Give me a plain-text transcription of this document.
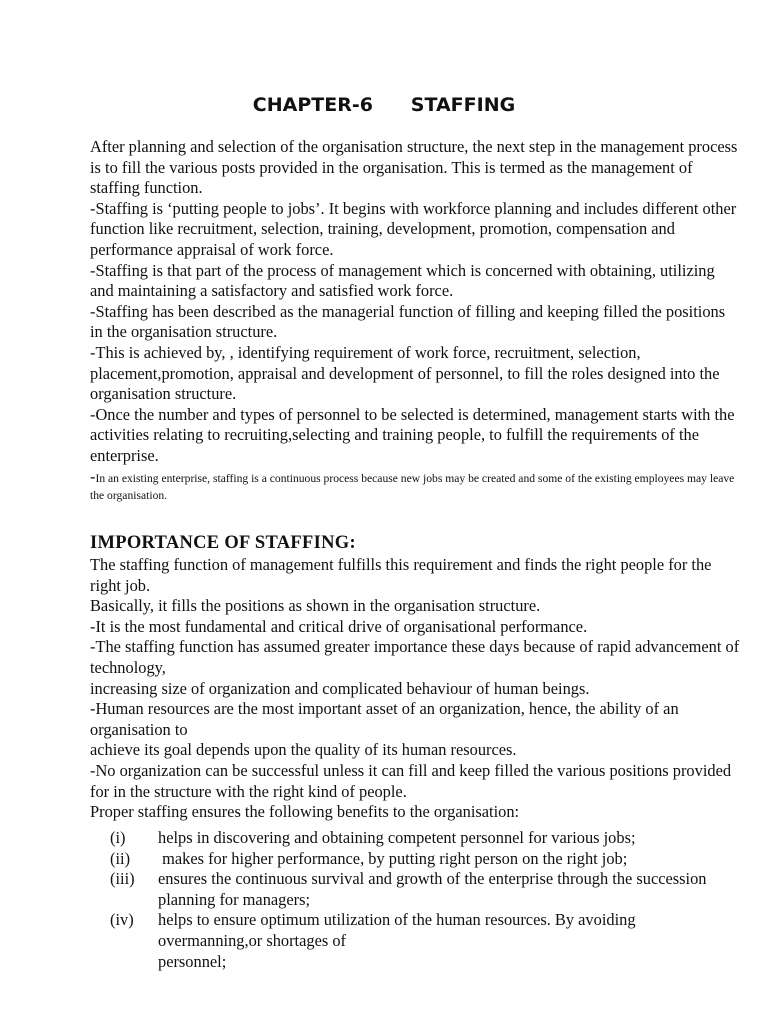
CHAPTER-6   STAFFING

After planning and selection of the organisation structure, the next step in the management process is to fill the various posts provided in the organisation. This is termed as the management of staffing function.

-Staffing is ‘putting people to jobs’. It begins with workforce planning and includes different other function like recruitment, selection, training, development, promotion, compensation and performance appraisal of work force.

-Staffing is that part of the process of management which is concerned with obtaining, utilizing and maintaining a satisfactory and satisfied work force.

-Staffing has been described as the managerial function of filling and keeping filled the positions in the organisation structure.

-This is achieved by, , identifying requirement of work force, recruitment, selection, placement,promotion, appraisal and development of personnel, to fill the roles designed into the organisation structure.

-Once the number and types of personnel to be selected is determined, management starts with the activities relating to recruiting,selecting and training people, to fulfill the requirements of the enterprise.

-In an existing enterprise, staffing is a continuous process because new jobs may be created and some of the existing employees may leave the organisation.

IMPORTANCE OF STAFFING:

The staffing function of management fulfills this requirement and finds the right people for the right job.

Basically, it fills the positions as shown in the organisation structure.

-It is the most fundamental and critical drive of organisational performance.

-The staffing function has assumed greater importance these days because of rapid advancement of technology,

increasing size of organization and complicated behaviour of human beings.

-Human resources are the most important asset of an organization, hence, the ability of an organisation to

achieve its goal depends upon the quality of its human resources.

-No organization can be successful unless it can fill and keep filled the various positions provided for in the structure with the right kind of people.

Proper staffing ensures the following benefits to the organisation:

(i)	helps in discovering and obtaining competent personnel for various jobs;
(ii)	makes for higher performance, by putting right person on the right job;
(iii)	ensures the continuous survival and growth of the enterprise through the succession planning for managers;
(iv)	helps to ensure optimum utilization of the human resources. By avoiding overmanning,or shortages of
personnel;
